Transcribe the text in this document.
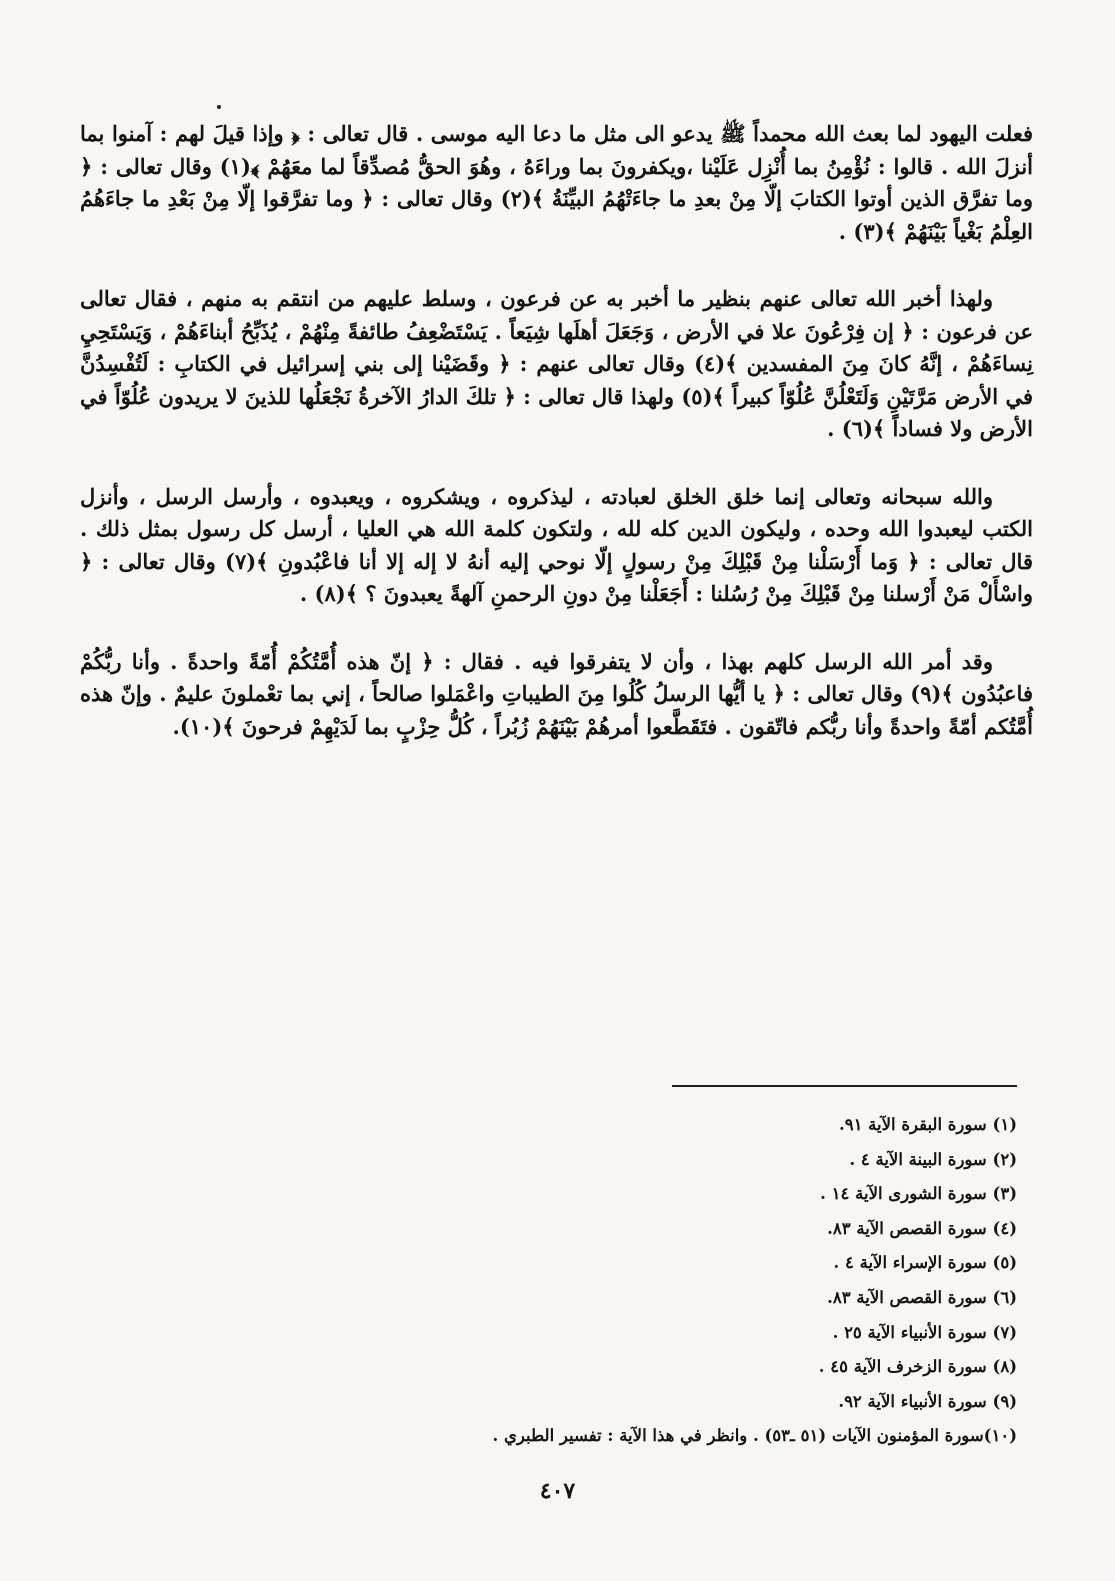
فعلت اليهود لما بعث الله محمداً ﷺ يدعو الى مثل ما دعا اليه موسى . قال تعالى : ﴿ وإذا قيلَ لهم : آمنوا بما أنزلَ الله . قالوا : نُؤْمِنُ بما أُنْزِل عَلَيْنا ،ويكفرونَ بما وراءَهُ ، وهُوَ الحقُّ مُصدِّقاً لما معَهُمْ ﴾(١) وقال تعالى : ﴿ وما تفرَّق الذين أوتوا الكتابَ إلّا مِنْ بعدِ ما جاءَتْهُمُ البيِّنَةُ ﴾(٢) وقال تعالى : ﴿ وما تفرَّقوا إلّا مِنْ بَعْدِ ما جاءَهُمُ العِلْمُ بَغْياً بَيْنَهُمْ ﴾(٣) .

ولهذا أخبر الله تعالى عنهم بنظير ما أخبر به عن فرعون ، وسلط عليهم من انتقم به منهم ، فقال تعالى عن فرعون : ﴿ إن فِرْعُونَ علا في الأرض ، وَجَعَلَ أهلَها شِيَعاً . يَسْتَضْعِفُ طائفةً مِنْهُمْ ، يُذَبِّحُ أبناءَهُمْ ، وَيَسْتَحِيِ نِساءَهُمْ ، إنَّهُ كانَ مِنَ المفسدين ﴾(٤) وقال تعالى عنهم : ﴿ وقَضَيْنا إلى بني إسرائيل في الكتابِ : لَتُفْسِدُنَّ في الأرض مَرَّتَيْنِ وَلَتَعْلُنَّ عُلُوّاً كبيراً ﴾(٥) ولهذا قال تعالى : ﴿ تلكَ الدارُ الآخرةُ نَجْعَلُها للذينَ لا يريدون عُلُوّاً في الأرض ولا فساداً ﴾(٦) .

والله سبحانه وتعالى إنما خلق الخلق لعبادته ، ليذكروه ، ويشكروه ، ويعبدوه ، وأرسل الرسل ، وأنزل الكتب ليعبدوا الله وحده ، وليكون الدين كله لله ، ولتكون كلمة الله هي العليا ، أرسل كل رسول بمثل ذلك . قال تعالى : ﴿ وَما أَرْسَلْنا مِنْ قَبْلِكَ مِنْ رسولٍ إلّا نوحي إليه أنهُ لا إله إلا أنا فاعْبُدونِ ﴾(٧) وقال تعالى : ﴿ واسْأَلْ مَنْ أَرْسلنا مِنْ قَبْلِكَ مِنْ رُسُلنا : أَجَعَلْنا مِنْ دونِ الرحمنِ آلهةً يعبدونَ ؟ ﴾(٨) .

وقد أمر الله الرسل كلهم بهذا ، وأن لا يتفرقوا فيه . فقال : ﴿ إنّ هذه أُمَّتُكُمْ أُمّةً واحدةً . وأنا ربُّكُمْ فاعبُدُون ﴾(٩) وقال تعالى : ﴿ يا أيُّها الرسلُ كُلُوا مِنَ الطيباتِ واعْمَلوا صالحاً ، إني بما تعْملونَ عليمٌ . وإنّ هذه أُمَّتُكم أمّةً واحدةً وأنا ربُّكم فاتّقون . فتَقَطَّعوا أمرهُمْ بَيْنَهُمْ زُبُراً ، كُلُّ حِزْبٍ بما لَدَيْهِمْ فرحونَ ﴾(١٠).

(١) سورة البقرة الآية ٩١.
(٢) سورة البينة الآية ٤ .
(٣) سورة الشورى الآية ١٤ .
(٤) سورة القصص الآية ٨٣.
(٥) سورة الإسراء الآية ٤ .
(٦) سورة القصص الآية ٨٣.
(٧) سورة الأنبياء الآية ٢٥ .
(٨) سورة الزخرف الآية ٤٥ .
(٩) سورة الأنبياء الآية ٩٢.
(١٠)سورة المؤمنون الآيات (٥١ ـ٥٣) . وانظر في هذا الآية : تفسير الطبري .
٤٠٧
